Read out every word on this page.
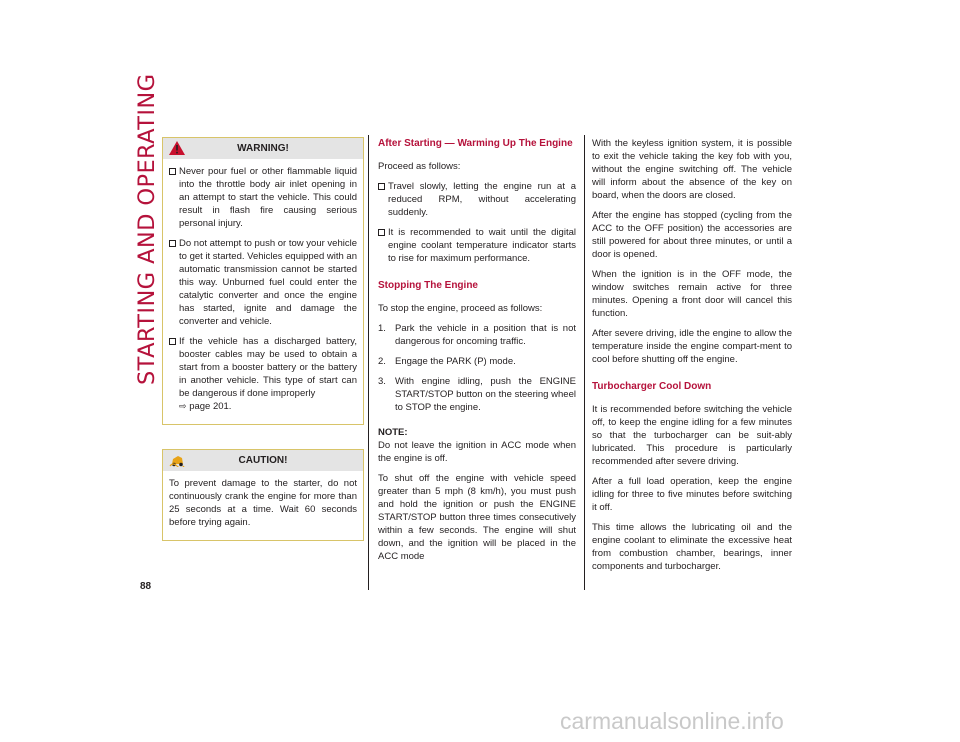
STARTING AND OPERATING
88
WARNING!
Never pour fuel or other flammable liquid into the throttle body air inlet opening in an attempt to start the vehicle. This could result in flash fire causing serious personal injury.
Do not attempt to push or tow your vehicle to get it started. Vehicles equipped with an automatic transmission cannot be started this way. Unburned fuel could enter the catalytic converter and once the engine has started, ignite and damage the converter and vehicle.
If the vehicle has a discharged battery, booster cables may be used to obtain a start from a booster battery or the battery in another vehicle. This type of start can be dangerous if done improperly
⇨ page 201.
CAUTION!

To prevent damage to the starter, do not continuously crank the engine for more than 25 seconds at a time. Wait 60 seconds before trying again.

After Starting — Warming Up The Engine

Proceed as follows:

Travel slowly, letting the engine run at a reduced RPM, without accelerating suddenly.
It is recommended to wait until the digital engine coolant temperature indicator starts to rise for maximum performance.
Stopping The Engine

To stop the engine, proceed as follows:

1. Park the vehicle in a position that is not dangerous for oncoming traffic.
2. Engage the PARK (P) mode.
3. With engine idling, push the ENGINE START/STOP button on the steering wheel to STOP the engine.

NOTE:
Do not leave the ignition in ACC mode when the engine is off.

To shut off the engine with vehicle speed greater than 5 mph (8 km/h), you must push and hold the ignition or push the ENGINE START/STOP button three times consecutively within a few seconds. The engine will shut down, and the ignition will be placed in the ACC mode

With the keyless ignition system, it is possible to exit the vehicle taking the key fob with you, without the engine switching off. The vehicle will inform about the absence of the key on board, when the doors are closed.

After the engine has stopped (cycling from the ACC to the OFF position) the accessories are still powered for about three minutes, or until a door is opened.

When the ignition is in the OFF mode, the window switches remain active for three minutes. Opening a front door will cancel this function.

After severe driving, idle the engine to allow the temperature inside the engine compart-ment to cool before shutting off the engine.

Turbocharger Cool Down

It is recommended before switching the vehicle off, to keep the engine idling for a few minutes so that the turbocharger can be suit-ably lubricated. This procedure is particularly recommended after severe driving.

After a full load operation, keep the engine idling for three to five minutes before switching it off.

This time allows the lubricating oil and the engine coolant to eliminate the excessive heat from combustion chamber, bearings, inner components and turbocharger.

carmanualsonline.info
